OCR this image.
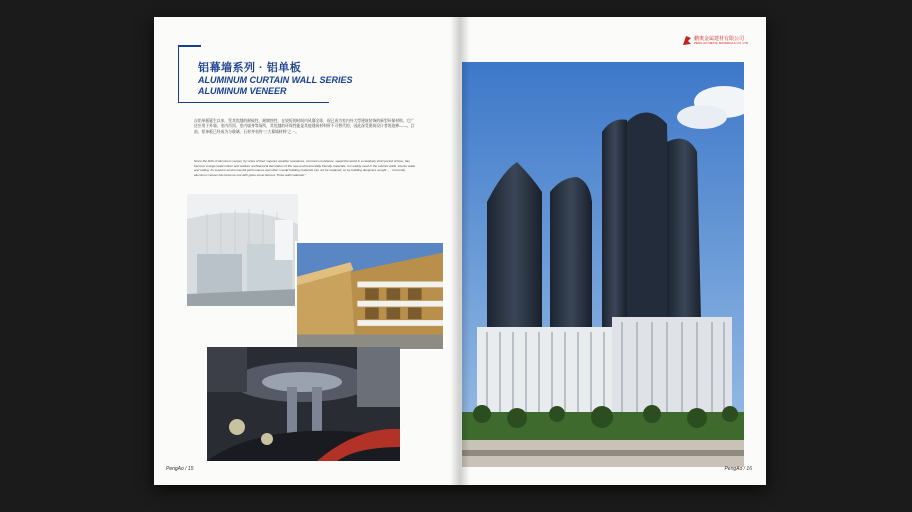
铝幕墙系列 · 铝单板
ALUMINUM CURTAIN WALL SERIES
ALUMINUM VENEER
自铝单板诞生以来，凭其优越的耐候性、耐腐蚀性，在较短的时间内风靡全球，现已成为室内外大型建筑装饰的新型环保材料，它广泛应用于外墙、室内吊顶、室内墙身等场所，其优越的环保性能是其他建筑材料所不可替代的，因此深受建筑设计者的追捧——。目前，铝单板已经成为与玻璃、石材齐名的“三大幕墙材料”之一。
Since the birth of aluminum veneer, by virtue of their superior weather resistance, corrosion resistance, swept the world in a relatively short period of time, has become a large-scale indoor and outdoor architectural decoration of the new environmentally friendly materials, it is widely used in the exterior walls, interior walls and ceiling. Its superior environmental performance and other unsold building materials can not be replaced, so by building designers sought ... . Currently, aluminum veneer has become one with glass,stone famous "three wall materials."
PengAo / 15
鹏奥金属建材有限公司
PENG AO METAL MATERIALS CO.,LTD
PengAo / 16
